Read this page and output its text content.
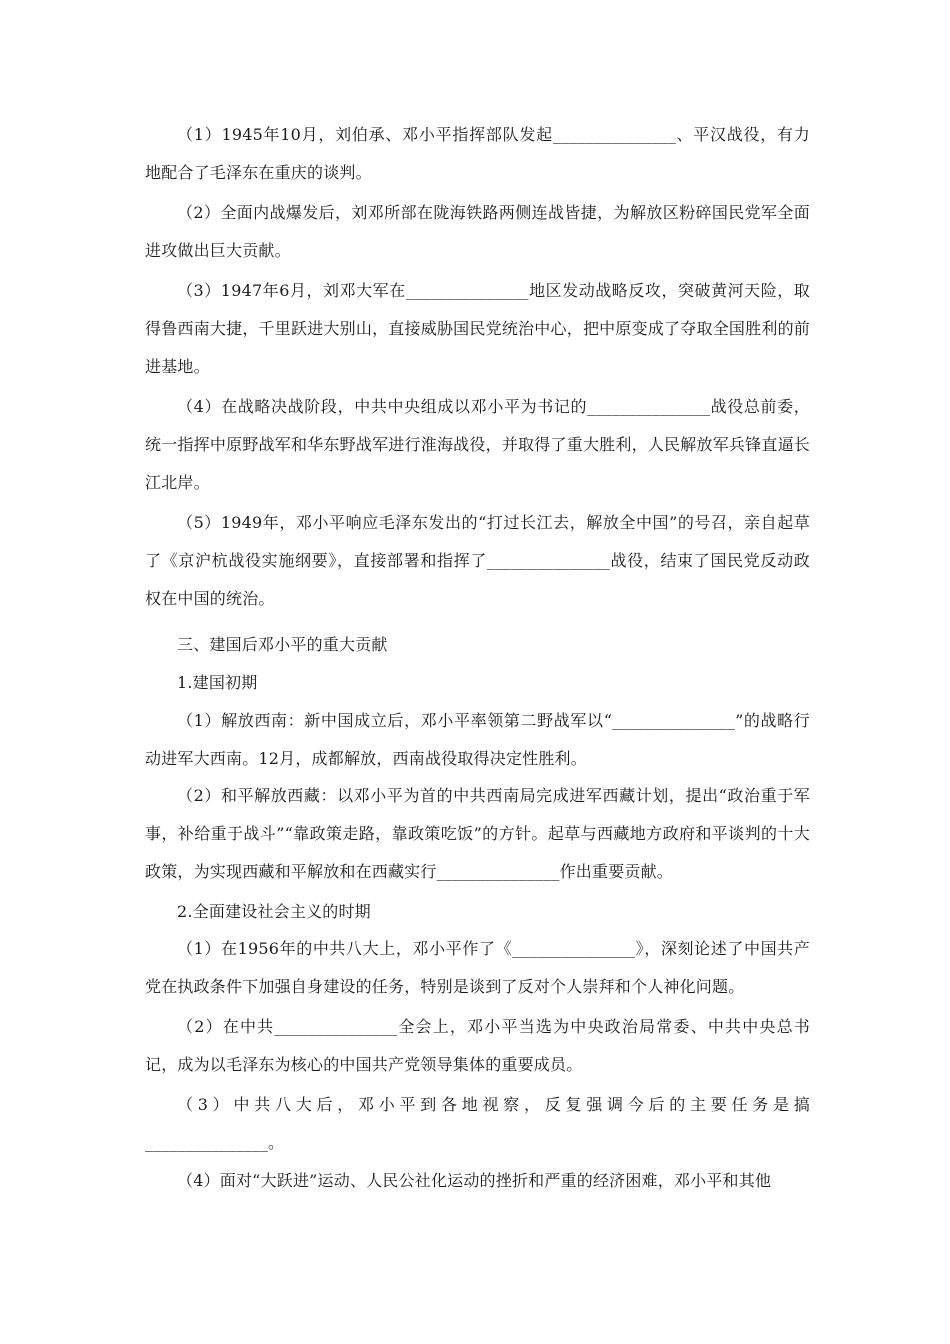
（1）1945年10月，刘伯承、邓小平指挥部队发起_______________、平汉战役，有力地配合了毛泽东在重庆的谈判。

（2）全面内战爆发后，刘邓所部在陇海铁路两侧连战皆捷，为解放区粉碎国民党军全面进攻做出巨大贡献。

（3）1947年6月，刘邓大军在_______________地区发动战略反攻，突破黄河天险，取得鲁西南大捷，千里跃进大别山，直接威胁国民党统治中心，把中原变成了夺取全国胜利的前进基地。

（4）在战略决战阶段，中共中央组成以邓小平为书记的_______________战役总前委，统一指挥中原野战军和华东野战军进行淮海战役，并取得了重大胜利，人民解放军兵锋直逼长江北岸。

（5）1949年，邓小平响应毛泽东发出的“打过长江去，解放全中国”的号召，亲自起草了《京沪杭战役实施纲要》，直接部署和指挥了_______________战役，结束了国民党反动政权在中国的统治。

三、建国后邓小平的重大贡献

1.建国初期

（1）解放西南：新中国成立后，邓小平率领第二野战军以“_______________”的战略行动进军大西南。12月，成都解放，西南战役取得决定性胜利。

（2）和平解放西藏：以邓小平为首的中共西南局完成进军西藏计划，提出“政治重于军事，补给重于战斗”“靠政策走路，靠政策吃饭”的方针。起草与西藏地方政府和平谈判的十大政策，为实现西藏和平解放和在西藏实行_______________作出重要贡献。

2.全面建设社会主义的时期

（1）在1956年的中共八大上，邓小平作了《_______________》，深刻论述了中国共产党在执政条件下加强自身建设的任务，特别是谈到了反对个人崇拜和个人神化问题。

（2）在中共_______________全会上，邓小平当选为中央政治局常委、中共中央总书记，成为以毛泽东为核心的中国共产党领导集体的重要成员。

（3）中共八大后，邓小平到各地视察，反复强调今后的主要任务是搞_______________。

（4）面对“大跃进”运动、人民公社化运动的挫折和严重的经济困难，邓小平和其他
